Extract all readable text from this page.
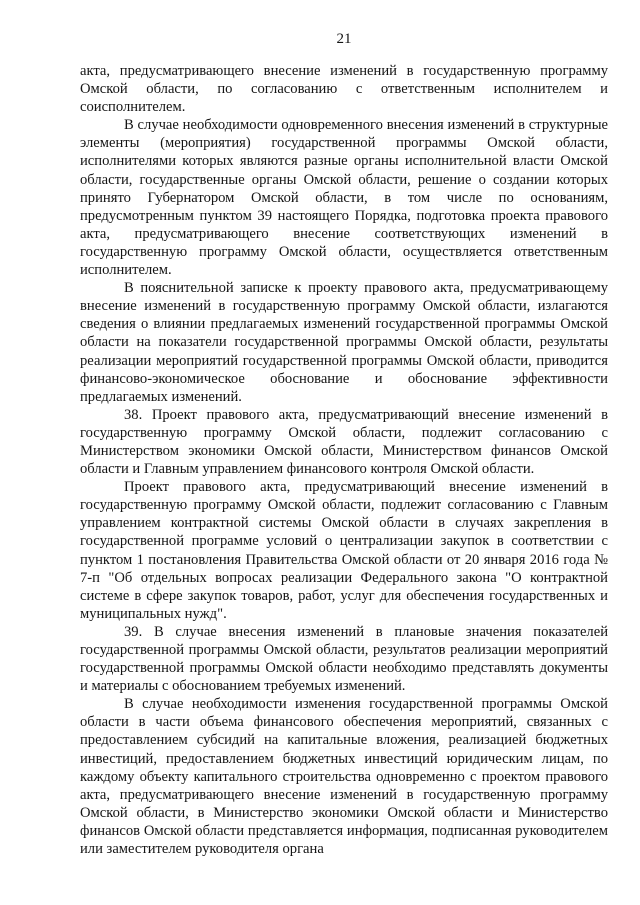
21

акта, предусматривающего внесение изменений в государственную программу Омской области, по согласованию с ответственным исполнителем и соисполнителем.

В случае необходимости одновременного внесения изменений в структурные элементы (мероприятия) государственной программы Омской области, исполнителями которых являются разные органы исполнительной власти Омской области, государственные органы Омской области, решение о создании которых принято Губернатором Омской области, в том числе по основаниям, предусмотренным пунктом 39 настоящего Порядка, подготовка проекта правового акта, предусматривающего внесение соответствующих изменений в государственную программу Омской области, осуществляется ответственным исполнителем.

В пояснительной записке к проекту правового акта, предусматривающему внесение изменений в государственную программу Омской области, излагаются сведения о влиянии предлагаемых изменений государственной программы Омской области на показатели государственной программы Омской области, результаты реализации мероприятий государственной программы Омской области, приводится финансово-экономическое обоснование и обоснование эффективности предлагаемых изменений.

38. Проект правового акта, предусматривающий внесение изменений в государственную программу Омской области, подлежит согласованию с Министерством экономики Омской области, Министерством финансов Омской области и Главным управлением финансового контроля Омской области.

Проект правового акта, предусматривающий внесение изменений в государственную программу Омской области, подлежит согласованию с Главным управлением контрактной системы Омской области в случаях закрепления в государственной программе условий о централизации закупок в соответствии с пунктом 1 постановления Правительства Омской области от 20 января 2016 года № 7-п "Об отдельных вопросах реализации Федерального закона "О контрактной системе в сфере закупок товаров, работ, услуг для обеспечения государственных и муниципальных нужд".

39. В случае внесения изменений в плановые значения показателей государственной программы Омской области, результатов реализации мероприятий государственной программы Омской области необходимо представлять документы и материалы с обоснованием требуемых изменений.

В случае необходимости изменения государственной программы Омской области в части объема финансового обеспечения мероприятий, связанных с предоставлением субсидий на капитальные вложения, реализацией бюджетных инвестиций, предоставлением бюджетных инвестиций юридическим лицам, по каждому объекту капитального строительства одновременно с проектом правового акта, предусматривающего внесение изменений в государственную программу Омской области, в Министерство экономики Омской области и Министерство финансов Омской области представляется информация, подписанная руководителем или заместителем руководителя органа
